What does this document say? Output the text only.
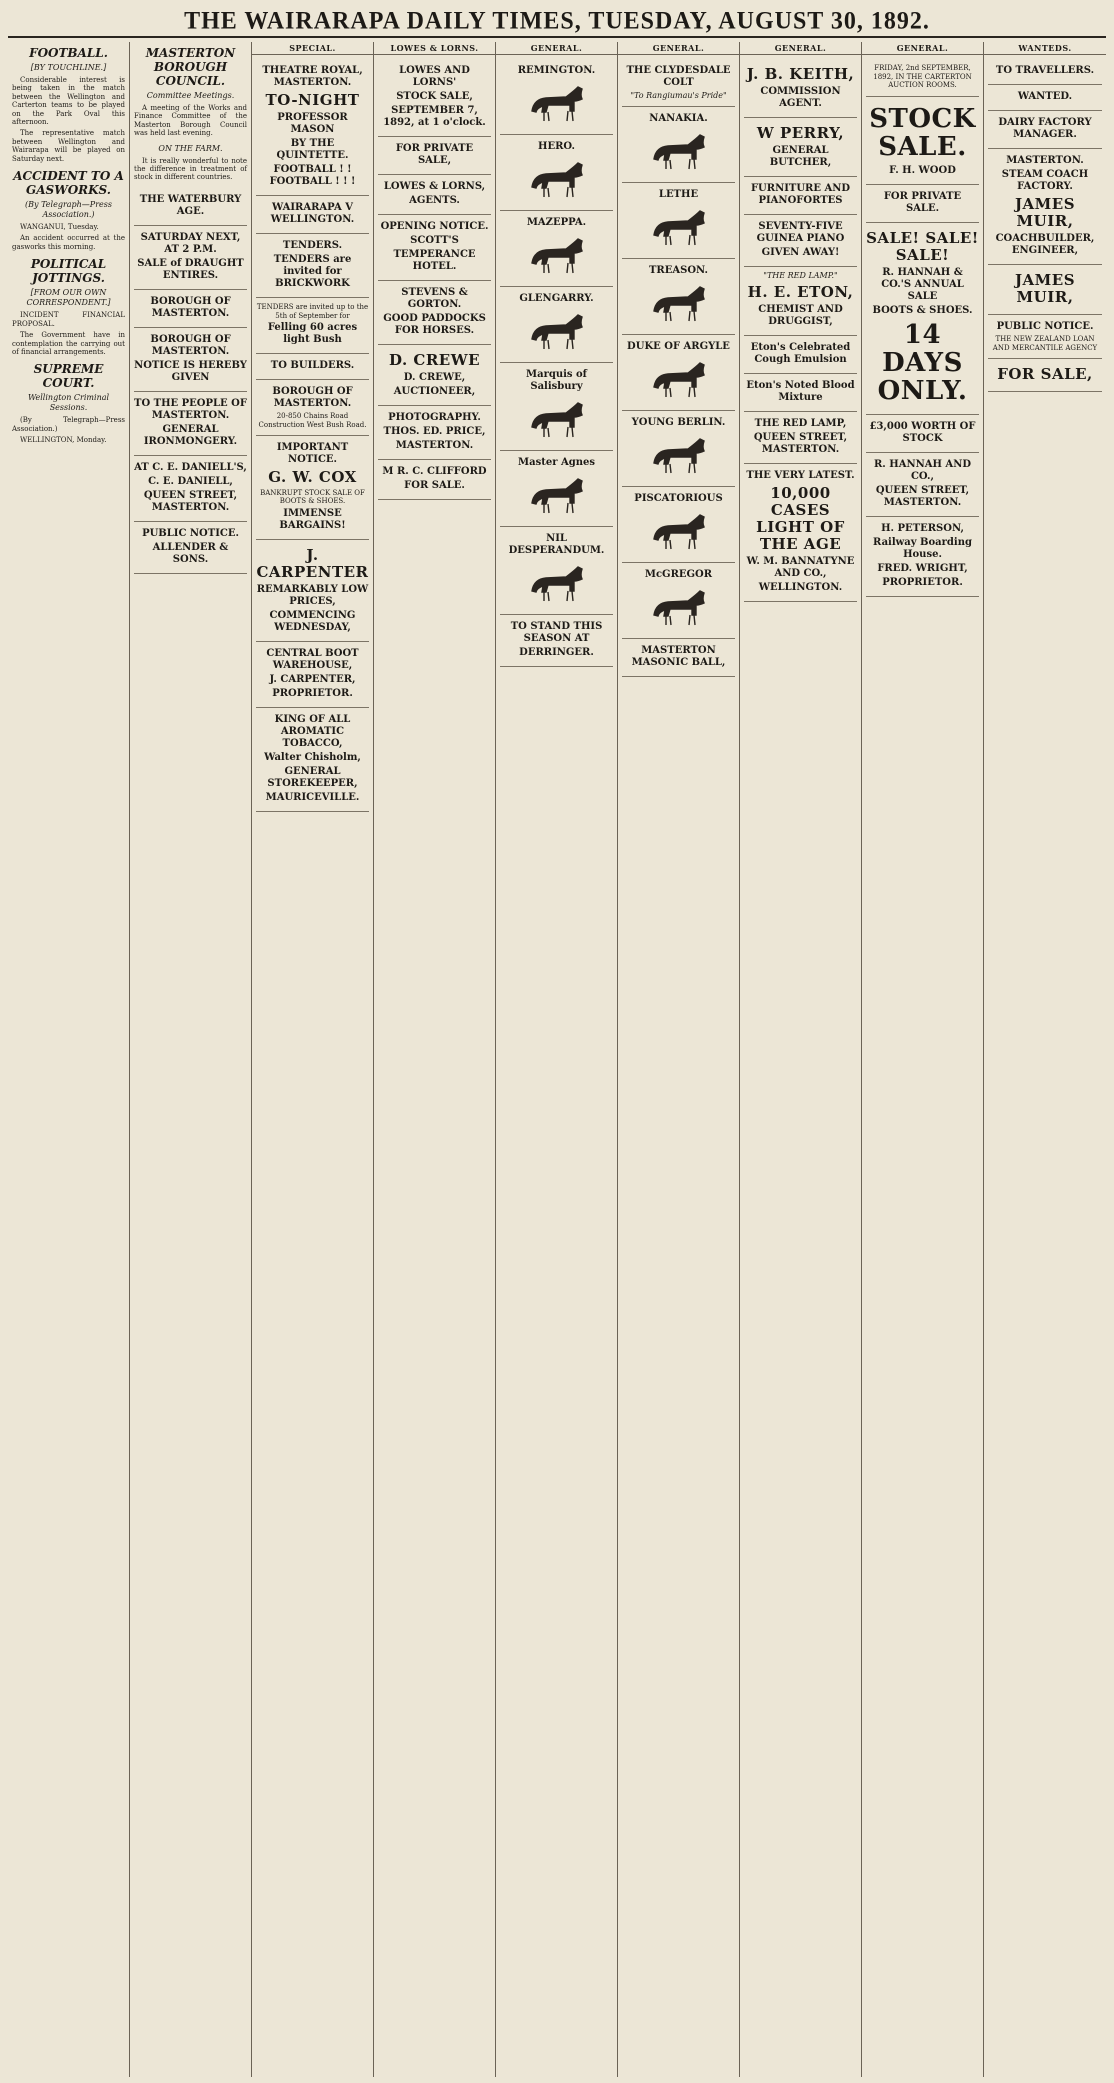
THE WAIRARAPA DAILY TIMES, TUESDAY, AUGUST 30, 1892.
FOOTBALL.
[BY TOUCHLINE.]

Considerable interest is being taken in the match between the Wellington and Carterton teams to be played on the Park Oval this afternoon.

The representative match between Wellington and Wairarapa will be played on Saturday next.

ACCIDENT TO A GASWORKS.
(By Telegraph—Press Association.)

WANGANUI, Tuesday.

An accident occurred at the gasworks this morning.

POLITICAL JOTTINGS.
[FROM OUR OWN CORRESPONDENT.]

INCIDENT FINANCIAL PROPOSAL.

The Government have in contemplation the carrying out of financial arrangements.

SUPREME COURT.
Wellington Criminal Sessions.

(By Telegraph—Press Association.)

WELLINGTON, Monday.

MASTERTON BOROUGH COUNCIL.
Committee Meetings.

A meeting of the Works and Finance Committee of the Masterton Borough Council was held last evening.

ON THE FARM.

It is really wonderful to note the difference in treatment of stock in different countries.

THE WATERBURY AGE.
SATURDAY NEXT, AT 2 P.M.
SALE of DRAUGHT ENTIRES.
BOROUGH OF MASTERTON.
BOROUGH OF MASTERTON.
NOTICE IS HEREBY GIVEN
TO THE PEOPLE OF MASTERTON.
GENERAL IRONMONGERY.
AT C. E. DANIELL'S,
C. E. DANIELL,
QUEEN STREET, MASTERTON.
PUBLIC NOTICE.
ALLENDER & SONS.
SPECIAL.
THEATRE ROYAL, MASTERTON.
TO-NIGHT
PROFESSOR MASON
BY THE QUINTETTE.
FOOTBALL ! ! FOOTBALL ! ! !
WAIRARAPA V WELLINGTON.
TENDERS.
TENDERS are invited for BRICKWORK
TENDERS are invited up to the 5th of September for
Felling 60 acres light Bush
TO BUILDERS.
BOROUGH OF MASTERTON.
20-850 Chains Road Construction West Bush Road.
IMPORTANT NOTICE.
G. W. COX
BANKRUPT STOCK SALE OF BOOTS & SHOES.
IMMENSE BARGAINS!
J. CARPENTER
REMARKABLY LOW PRICES,
COMMENCING WEDNESDAY,
CENTRAL BOOT WAREHOUSE,
J. CARPENTER,
PROPRIETOR.
KING OF ALL AROMATIC TOBACCO,
Walter Chisholm,
GENERAL STOREKEEPER,
MAURICEVILLE.
LOWES & LORNS.
LOWES AND LORNS'
STOCK SALE,
SEPTEMBER 7, 1892, at 1 o'clock.
FOR PRIVATE SALE,
LOWES & LORNS,
AGENTS.
OPENING NOTICE.
SCOTT'S
TEMPERANCE HOTEL.
STEVENS & GORTON.
GOOD PADDOCKS FOR HORSES.
D. CREWE
D. CREWE,
AUCTIONEER,
PHOTOGRAPHY.
THOS. ED. PRICE,
MASTERTON.
M R. C. CLIFFORD
FOR SALE.
GENERAL.
REMINGTON.
HERO.
MAZEPPA.
GLENGARRY.
Marquis of Salisbury
Master Agnes
NIL DESPERANDUM.
TO STAND THIS SEASON AT
DERRINGER.
GENERAL.
THE CLYDESDALE COLT
"To Rangiumau's Pride"
NANAKIA.
LETHE
TREASON.
DUKE OF ARGYLE
YOUNG BERLIN.
PISCATORIOUS
McGREGOR
MASTERTON MASONIC BALL,
GENERAL.
J. B. KEITH,
COMMISSION AGENT.
W PERRY,
GENERAL BUTCHER,
FURNITURE AND PIANOFORTES
SEVENTY-FIVE GUINEA PIANO
GIVEN AWAY!
"THE RED LAMP."
H. E. ETON,
CHEMIST AND DRUGGIST,
Eton's Celebrated Cough Emulsion
Eton's Noted Blood Mixture
THE RED LAMP,
QUEEN STREET, MASTERTON.
THE VERY LATEST.
10,000 CASES LIGHT OF THE AGE
W. M. BANNATYNE AND CO.,
WELLINGTON.
GENERAL.
FRIDAY, 2nd SEPTEMBER, 1892, IN THE CARTERTON AUCTION ROOMS.
STOCK SALE.
F. H. WOOD
FOR PRIVATE SALE.
SALE! SALE! SALE!
R. HANNAH & CO.'S ANNUAL SALE
BOOTS & SHOES.
14 DAYS ONLY.
£3,000 WORTH OF STOCK
R. HANNAH AND CO.,
QUEEN STREET, MASTERTON.
H. PETERSON,
Railway Boarding House.
FRED. WRIGHT,
PROPRIETOR.
WANTEDS.
TO TRAVELLERS.
WANTED.
DAIRY FACTORY MANAGER.
MASTERTON.
STEAM COACH FACTORY.
JAMES MUIR,
COACHBUILDER, ENGINEER,
JAMES MUIR,
PUBLIC NOTICE.
THE NEW ZEALAND LOAN AND MERCANTILE AGENCY
FOR SALE,
